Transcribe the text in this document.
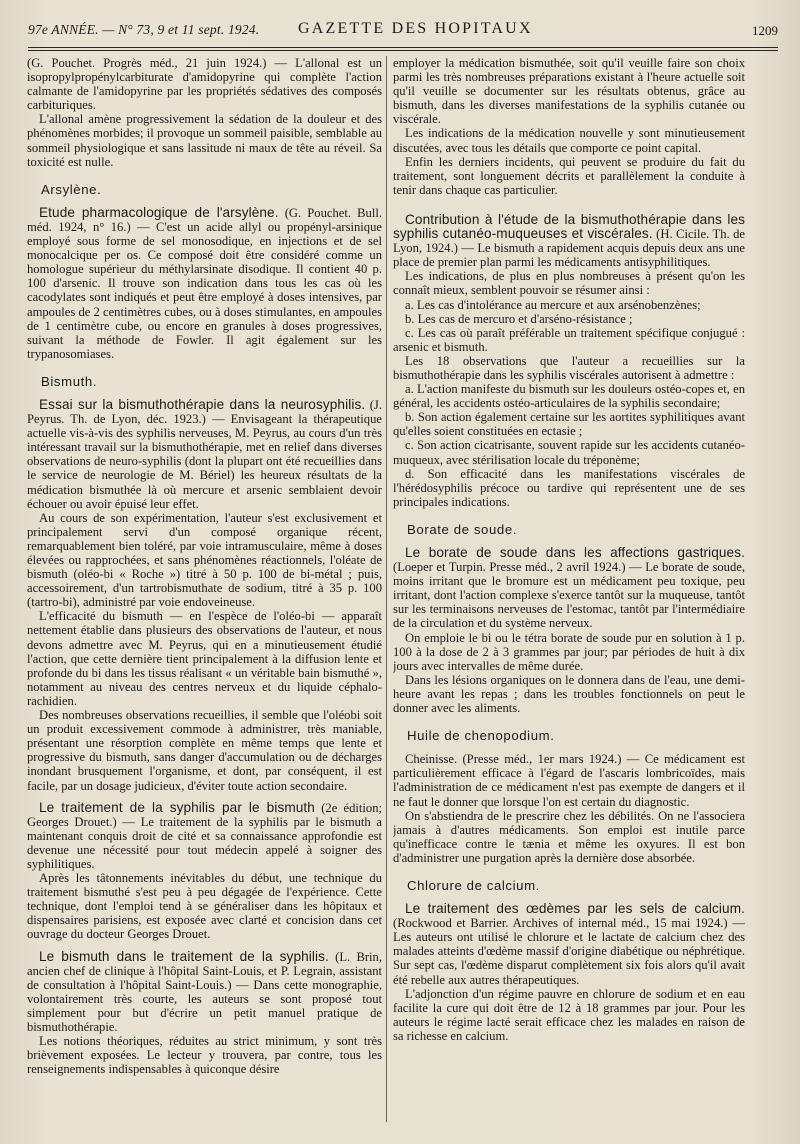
97e ANNÉE. — N° 73, 9 et 11 sept. 1924. GAZETTE DES HOPITAUX	1209

(G. Pouchet. Progrès méd., 21 juin 1924.) — L'allonal est un isopropylpropénylcarbiturate d'amidopyrine qui complète l'action calmante de l'amidopyrine par les propriétés sédatives des composés carbituriques.

L'allonal amène progressivement la sédation de la douleur et des phénomènes morbides; il provoque un sommeil paisible, semblable au sommeil physiologique et sans lassitude ni maux de tête au réveil. Sa toxicité est nulle.

Arsylène.

Etude pharmacologique de l'arsylène. (G. Pouchet. Bull. méd. 1924, n° 16.) — C'est un acide allyl ou propényl-arsinique employé sous forme de sel monosodique, en injections et de sel monocalcique per os. Ce composé doit être considéré comme un homologue supérieur du méthylarsinate disodique. Il contient 40 p. 100 d'arsenic. Il trouve son indication dans tous les cas où les cacodylates sont indiqués et peut être employé à doses intensives, par ampoules de 2 centimètres cubes, ou à doses stimulantes, en ampoules de 1 centimètre cube, ou encore en granules à doses progressives, suivant la méthode de Fowler. Il agit également sur les trypanosomiases.

Bismuth.

Essai sur la bismuthothérapie dans la neurosyphilis. (J. Peyrus. Th. de Lyon, déc. 1923.) — Envisageant la thérapeutique actuelle vis-à-vis des syphilis nerveuses, M. Peyrus, au cours d'un très intéressant travail sur la bismuthothérapie, met en relief dans diverses observations de neuro-syphilis (dont la plupart ont été recueillies dans le service de neurologie de M. Bériel) les heureux résultats de la médication bismuthée là où mercure et arsenic semblaient devoir échouer ou avoir épuisé leur effet.

Au cours de son expérimentation, l'auteur s'est exclusivement et principalement servi d'un composé organique récent, remarquablement bien toléré, par voie intramusculaire, même à doses élevées ou rapprochées, et sans phénomènes réactionnels, l'oléate de bismuth (oléo-bi « Roche ») titré à 50 p. 100 de bi-métal ; puis, accessoirement, d'un tartrobismuthate de sodium, titré à 35 p. 100 (tartro-bi), administré par voie endoveineuse.

L'efficacité du bismuth — en l'espèce de l'oléo-bi — apparaît nettement établie dans plusieurs des observations de l'auteur, et nous devons admettre avec M. Peyrus, qui en a minutieusement étudié l'action, que cette dernière tient principalement à la diffusion lente et profonde du bi dans les tissus réalisant « un véritable bain bismuthé », notamment au niveau des centres nerveux et du liquide céphalo-rachidien.

Des nombreuses observations recueillies, il semble que l'oléobi soit un produit excessivement commode à administrer, très maniable, présentant une résorption complète en même temps que lente et progressive du bismuth, sans danger d'accumulation ou de décharges inondant brusquement l'organisme, et dont, par conséquent, il est facile, par un dosage judicieux, d'éviter toute action secondaire.

Le traitement de la syphilis par le bismuth (2e édition; Georges Drouet.) — Le traitement de la syphilis par le bismuth a maintenant conquis droit de cité et sa connaissance approfondie est devenue une nécessité pour tout médecin appelé à soigner des syphilitiques.

Après les tâtonnements inévitables du début, une technique du traitement bismuthé s'est peu à peu dégagée de l'expérience. Cette technique, dont l'emploi tend à se généraliser dans les hôpitaux et dispensaires parisiens, est exposée avec clarté et concision dans cet ouvrage du docteur Georges Drouet.

Le bismuth dans le traitement de la syphilis. (L. Brin, ancien chef de clinique à l'hôpital Saint-Louis, et P. Legrain, assistant de consultation à l'hôpital Saint-Louis.) — Dans cette monographie, volontairement très courte, les auteurs se sont proposé tout simplement pour but d'écrire un petit manuel pratique de bismuthothérapie.

Les notions théoriques, réduites au strict minimum, y sont très brièvement exposées. Le lecteur y trouvera, par contre, tous les renseignements indispensables à quiconque désire

employer la médication bismuthée, soit qu'il veuille faire son choix parmi les très nombreuses préparations existant à l'heure actuelle soit qu'il veuille se documenter sur les résultats obtenus, grâce au bismuth, dans les diverses manifestations de la syphilis cutanée ou viscérale.

Les indications de la médication nouvelle y sont minutieusement discutées, avec tous les détails que comporte ce point capital.

Enfin les derniers incidents, qui peuvent se produire du fait du traitement, sont longuement décrits et parallèlement la conduite à tenir dans chaque cas particulier.

Contribution à l'étude de la bismuthothérapie dans les syphilis cutanéo-muqueuses et viscérales. (H. Cicile. Th. de Lyon, 1924.) — Le bismuth a rapidement acquis depuis deux ans une place de premier plan parmi les médicaments antisyphilitiques.

Les indications, de plus en plus nombreuses à présent qu'on les connaît mieux, semblent pouvoir se résumer ainsi :

a. Les cas d'intolérance au mercure et aux arsénobenzènes;

b. Les cas de mercuro et d'arséno-résistance ;

c. Les cas où paraît préférable un traitement spécifique conjugué : arsenic et bismuth.

Les 18 observations que l'auteur a recueillies sur la bismuthothérapie dans les syphilis viscérales autorisent à admettre :

a. L'action manifeste du bismuth sur les douleurs ostéo-copes et, en général, les accidents ostéo-articulaires de la syphilis secondaire;

b. Son action également certaine sur les aortites syphilitiques avant qu'elles soient constituées en ectasie ;

c. Son action cicatrisante, souvent rapide sur les accidents cutanéo-muqueux, avec stérilisation locale du tréponème;

d. Son efficacité dans les manifestations viscérales de l'hérédosyphilis précoce ou tardive qui représentent une de ses principales indications.

Borate de soude.

Le borate de soude dans les affections gastriques. (Loeper et Turpin. Presse méd., 2 avril 1924.) — Le borate de soude, moins irritant que le bromure est un médicament peu toxique, peu irritant, dont l'action complexe s'exerce tantôt sur la muqueuse, tantôt sur les terminaisons nerveuses de l'estomac, tantôt par l'intermédiaire de la circulation et du système nerveux.

On emploie le bi ou le tétra borate de soude pur en solution à 1 p. 100 à la dose de 2 à 3 grammes par jour; par périodes de huit à dix jours avec intervalles de même durée.

Dans les lésions organiques on le donnera dans de l'eau, une demi-heure avant les repas ; dans les troubles fonctionnels on peut le donner avec les aliments.

Huile de chenopodium.

Cheinisse. (Presse méd., 1er mars 1924.) — Ce médicament est particulièrement efficace à l'égard de l'ascaris lombricoïdes, mais l'administration de ce médicament n'est pas exempte de dangers et il ne faut le donner que lorsque l'on est certain du diagnostic.

On s'abstiendra de le prescrire chez les débilités. On ne l'associera jamais à d'autres médicaments. Son emploi est inutile parce qu'inefficace contre le tænia et même les oxyures. Il est bon d'administrer une purgation après la dernière dose absorbée.

Chlorure de calcium.

Le traitement des œdèmes par les sels de calcium. (Rockwood et Barrier. Archives of internal méd., 15 mai 1924.) — Les auteurs ont utilisé le chlorure et le lactate de calcium chez des malades atteints d'œdème massif d'origine diabétique ou néphrétique. Sur sept cas, l'œdème disparut complètement six fois alors qu'il avait été rebelle aux autres thérapeutiques.

L'adjonction d'un régime pauvre en chlorure de sodium et en eau facilite la cure qui doit être de 12 à 18 grammes par jour. Pour les auteurs le régime lacté serait efficace chez les malades en raison de sa richesse en calcium.
